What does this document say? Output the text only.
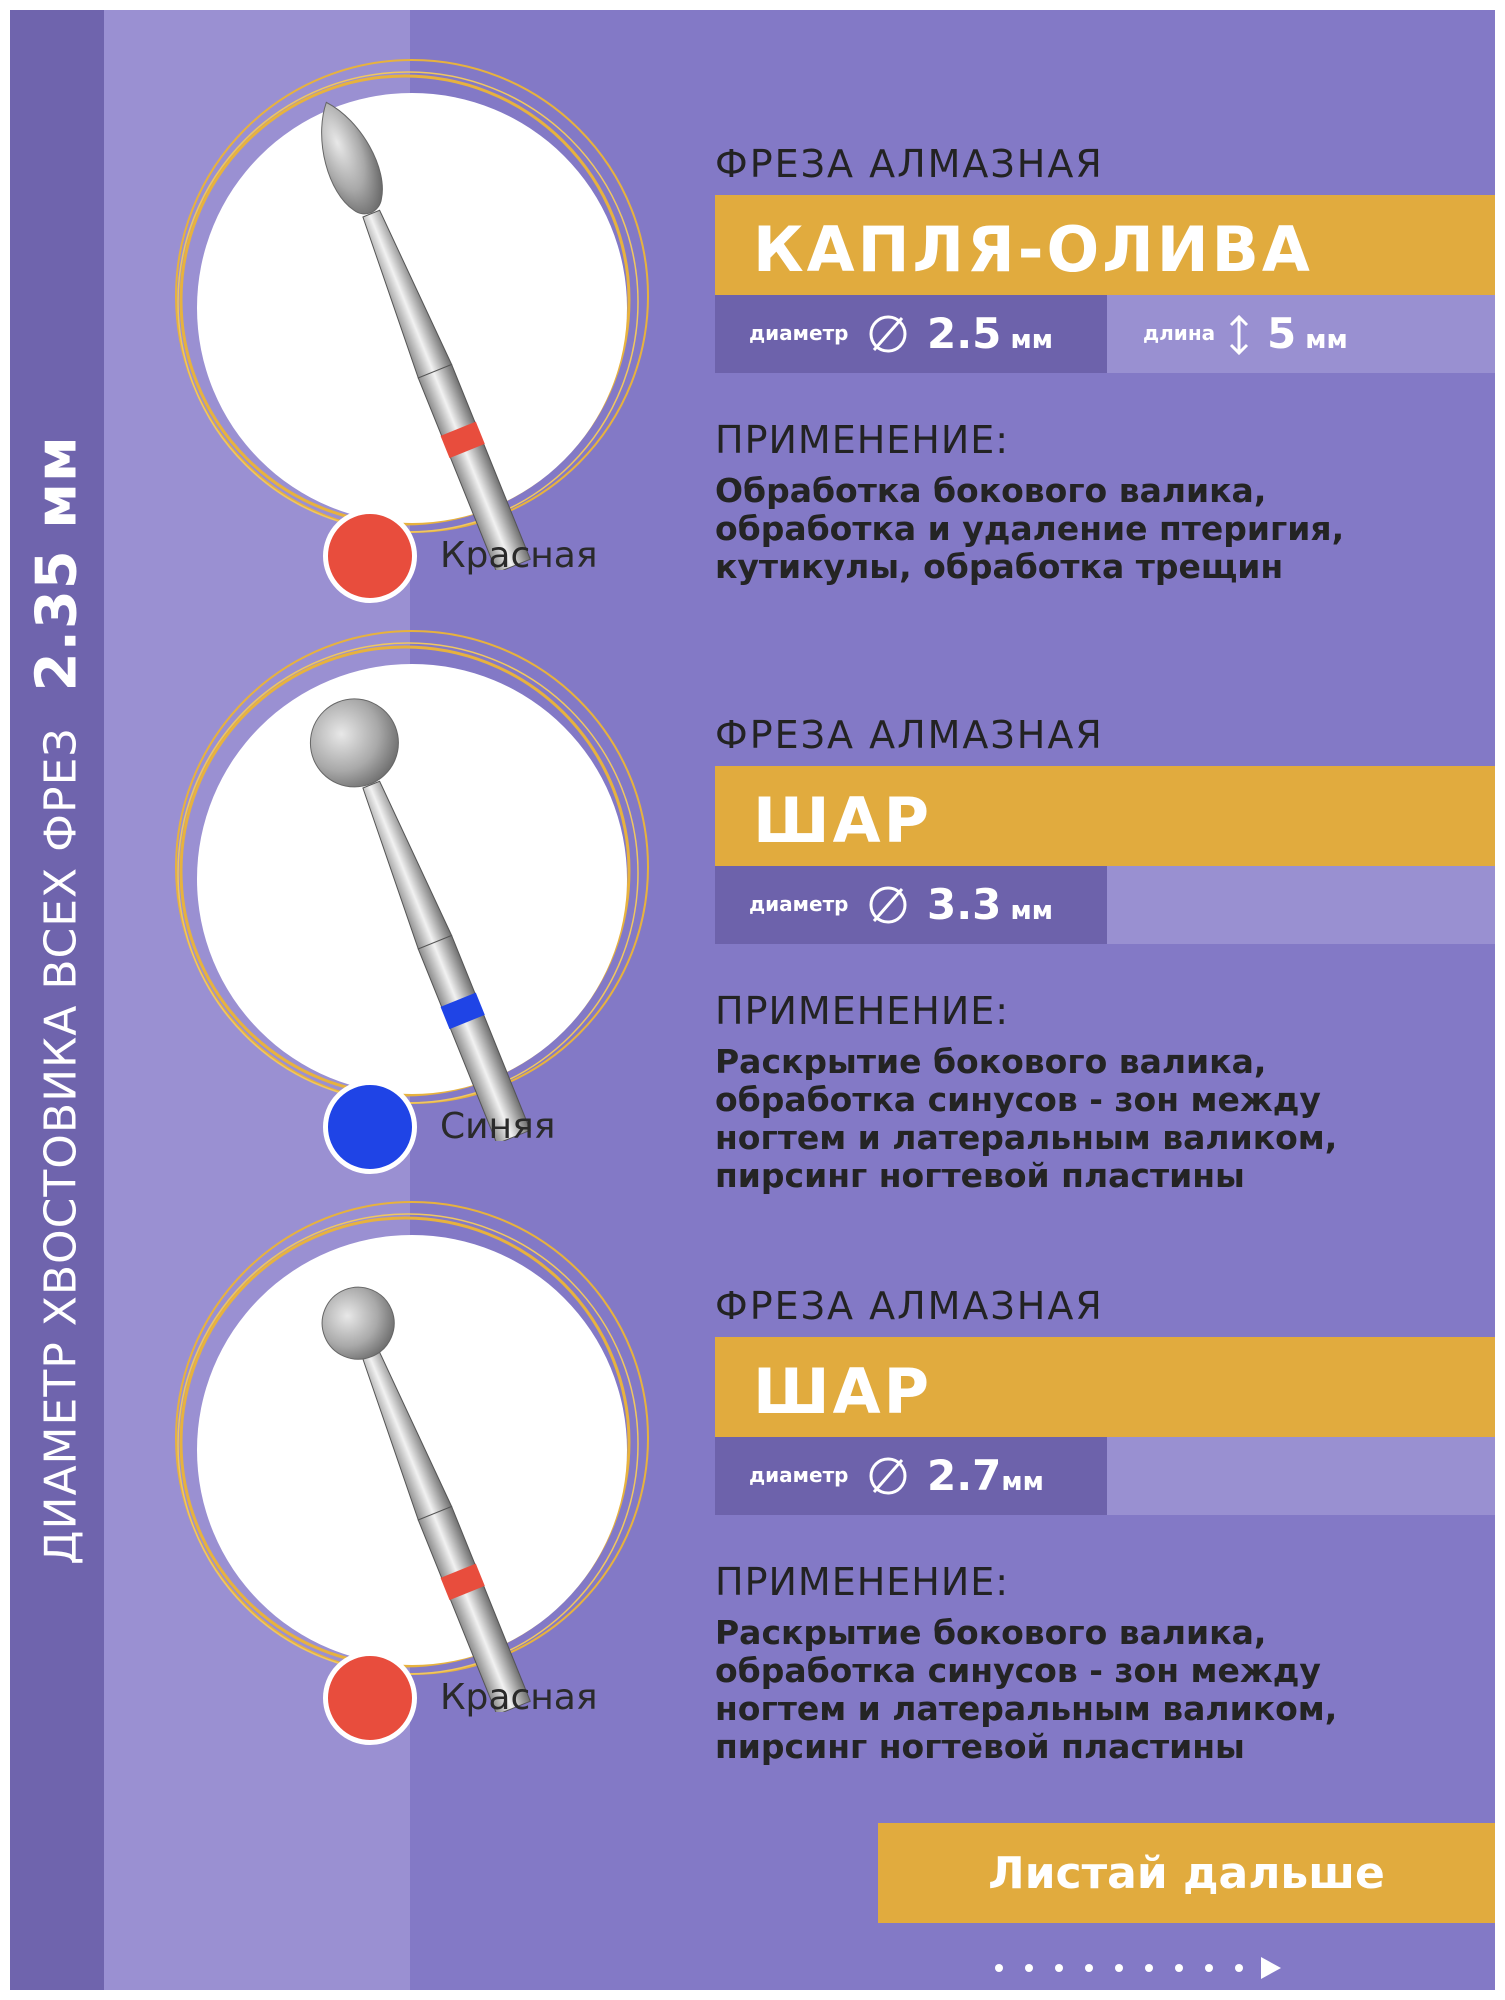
ДИАМЕТР ХВОСТОВИКА ВСЕХ ФРЕЗ
2.35 мм	Красная
ФРЕЗА АЛМАЗНАЯ
КАПЛЯ-ОЛИВА
диаметр 2.5 мм	длина 5 мм
ПРИМЕНЕНИЕ:
Обработка бокового валика,
обработка и удаление птеригия,
кутикулы, обработка трещин
Синяя
ФРЕЗА АЛМАЗНАЯ
ШАР
диаметр 3.3 мм
ПРИМЕНЕНИЕ:
Раскрытие бокового валика,
обработка синусов - зон между
ногтем и латеральным валиком,
пирсинг ногтевой пластины
Красная
ФРЕЗА АЛМАЗНАЯ
ШАР
диаметр 2.7мм
ПРИМЕНЕНИЕ:
Раскрытие бокового валика,
обработка синусов - зон между
ногтем и латеральным валиком,
пирсинг ногтевой пластины
Листай дальше
